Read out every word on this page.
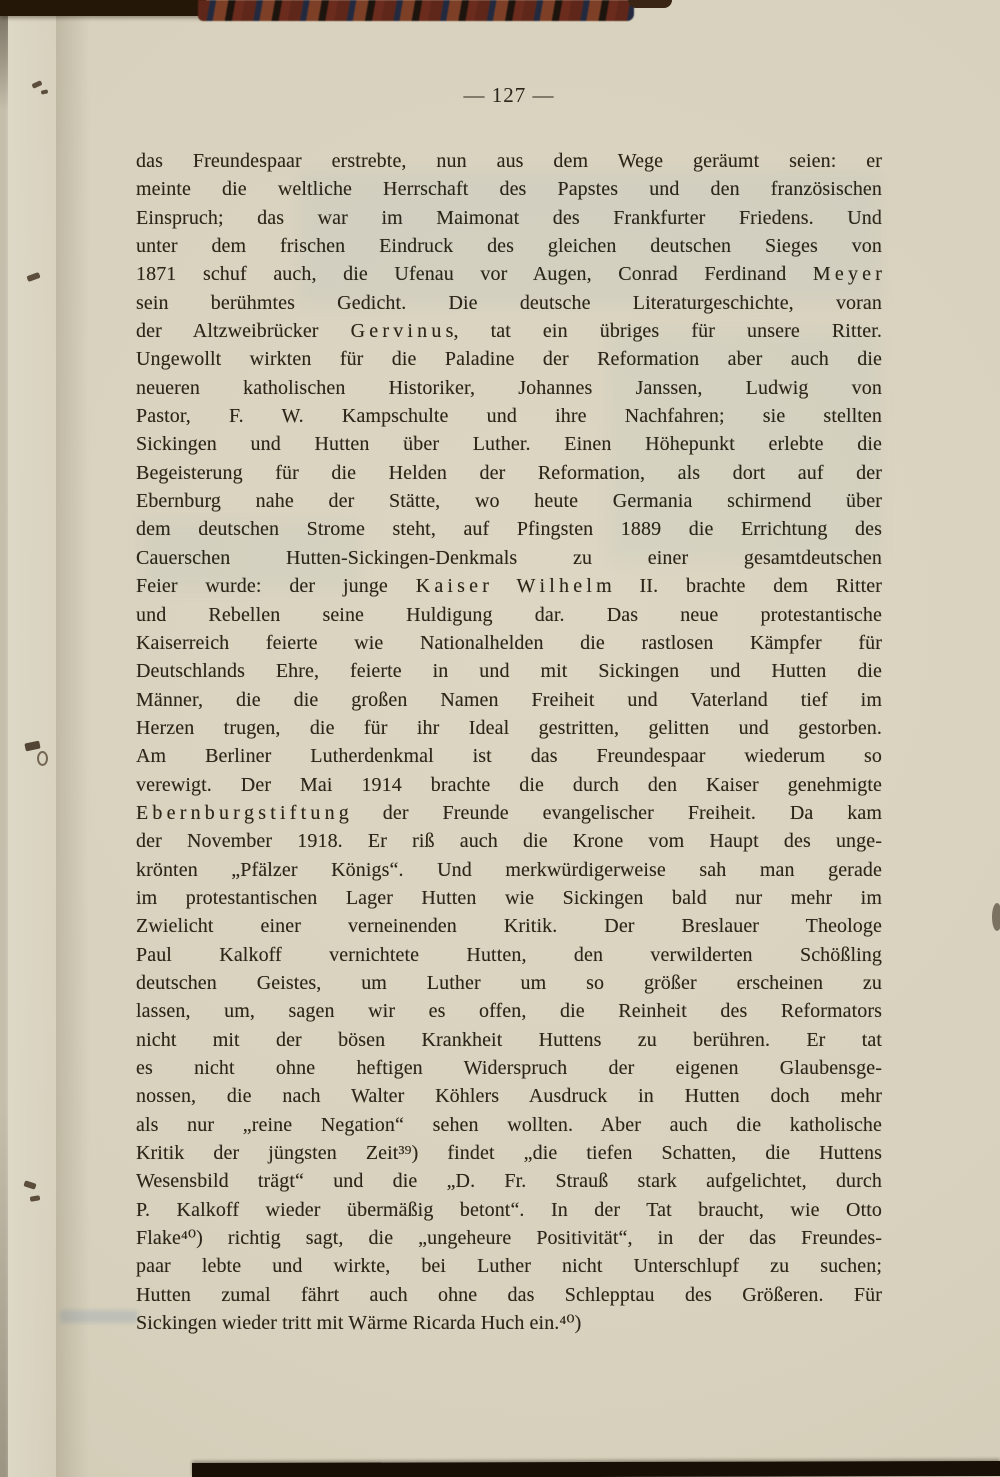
— 127 —
das Freundespaar erstrebte, nun aus dem Wege geräumt seien: er
meinte die weltliche Herrschaft des Papstes und den französischen
Einspruch; das war im Maimonat des Frankfurter Friedens. Und
unter dem frischen Eindruck des gleichen deutschen Sieges von
1871 schuf auch, die Ufenau vor Augen, Conrad Ferdinand M e y e r
sein berühmtes Gedicht. Die deutsche Literaturgeschichte, voran
der Altzweibrücker G e r v i n u s, tat ein übriges für unsere Ritter.
Ungewollt wirkten für die Paladine der Reformation aber auch die
neueren katholischen Historiker, Johannes Janssen, Ludwig von
Pastor, F. W. Kampschulte und ihre Nachfahren; sie stellten
Sickingen und Hutten über Luther. Einen Höhepunkt erlebte die
Begeisterung für die Helden der Reformation, als dort auf der
Ebernburg nahe der Stätte, wo heute Germania schirmend über
dem deutschen Strome steht, auf Pfingsten 1889 die Errichtung des
Cauerschen Hutten-Sickingen-Denkmals zu einer gesamtdeutschen
Feier wurde: der junge K a i s e r W i l h e l m II. brachte dem Ritter
und Rebellen seine Huldigung dar. Das neue protestantische
Kaiserreich feierte wie Nationalhelden die rastlosen Kämpfer für
Deutschlands Ehre, feierte in und mit Sickingen und Hutten die
Männer, die die großen Namen Freiheit und Vaterland tief im
Herzen trugen, die für ihr Ideal gestritten, gelitten und gestorben.
Am Berliner Lutherdenkmal ist das Freundespaar wiederum so
verewigt. Der Mai 1914 brachte die durch den Kaiser genehmigte
E b e r n b u r g s t i f t u n g der Freunde evangelischer Freiheit. Da kam
der November 1918. Er riß auch die Krone vom Haupt des unge-
krönten „Pfälzer Königs“. Und merkwürdigerweise sah man gerade
im protestantischen Lager Hutten wie Sickingen bald nur mehr im
Zwielicht einer verneinenden Kritik. Der Breslauer Theologe
Paul Kalkoff vernichtete Hutten, den verwilderten Schößling
deutschen Geistes, um Luther um so größer erscheinen zu
lassen, um, sagen wir es offen, die Reinheit des Reformators
nicht mit der bösen Krankheit Huttens zu berühren. Er tat
es nicht ohne heftigen Widerspruch der eigenen Glaubensge-
nossen, die nach Walter Köhlers Ausdruck in Hutten doch mehr
als nur „reine Negation“ sehen wollten. Aber auch die katholische
Kritik der jüngsten Zeit³⁹) findet „die tiefen Schatten, die Huttens
Wesensbild trägt“ und die „D. Fr. Strauß stark aufgelichtet, durch
P. Kalkoff wieder übermäßig betont“. In der Tat braucht, wie Otto
Flake⁴⁰) richtig sagt, die „ungeheure Positivität“, in der das Freundes-
paar lebte und wirkte, bei Luther nicht Unterschlupf zu suchen;
Hutten zumal fährt auch ohne das Schlepptau des Größeren. Für
Sickingen wieder tritt mit Wärme Ricarda Huch ein.⁴⁰)
